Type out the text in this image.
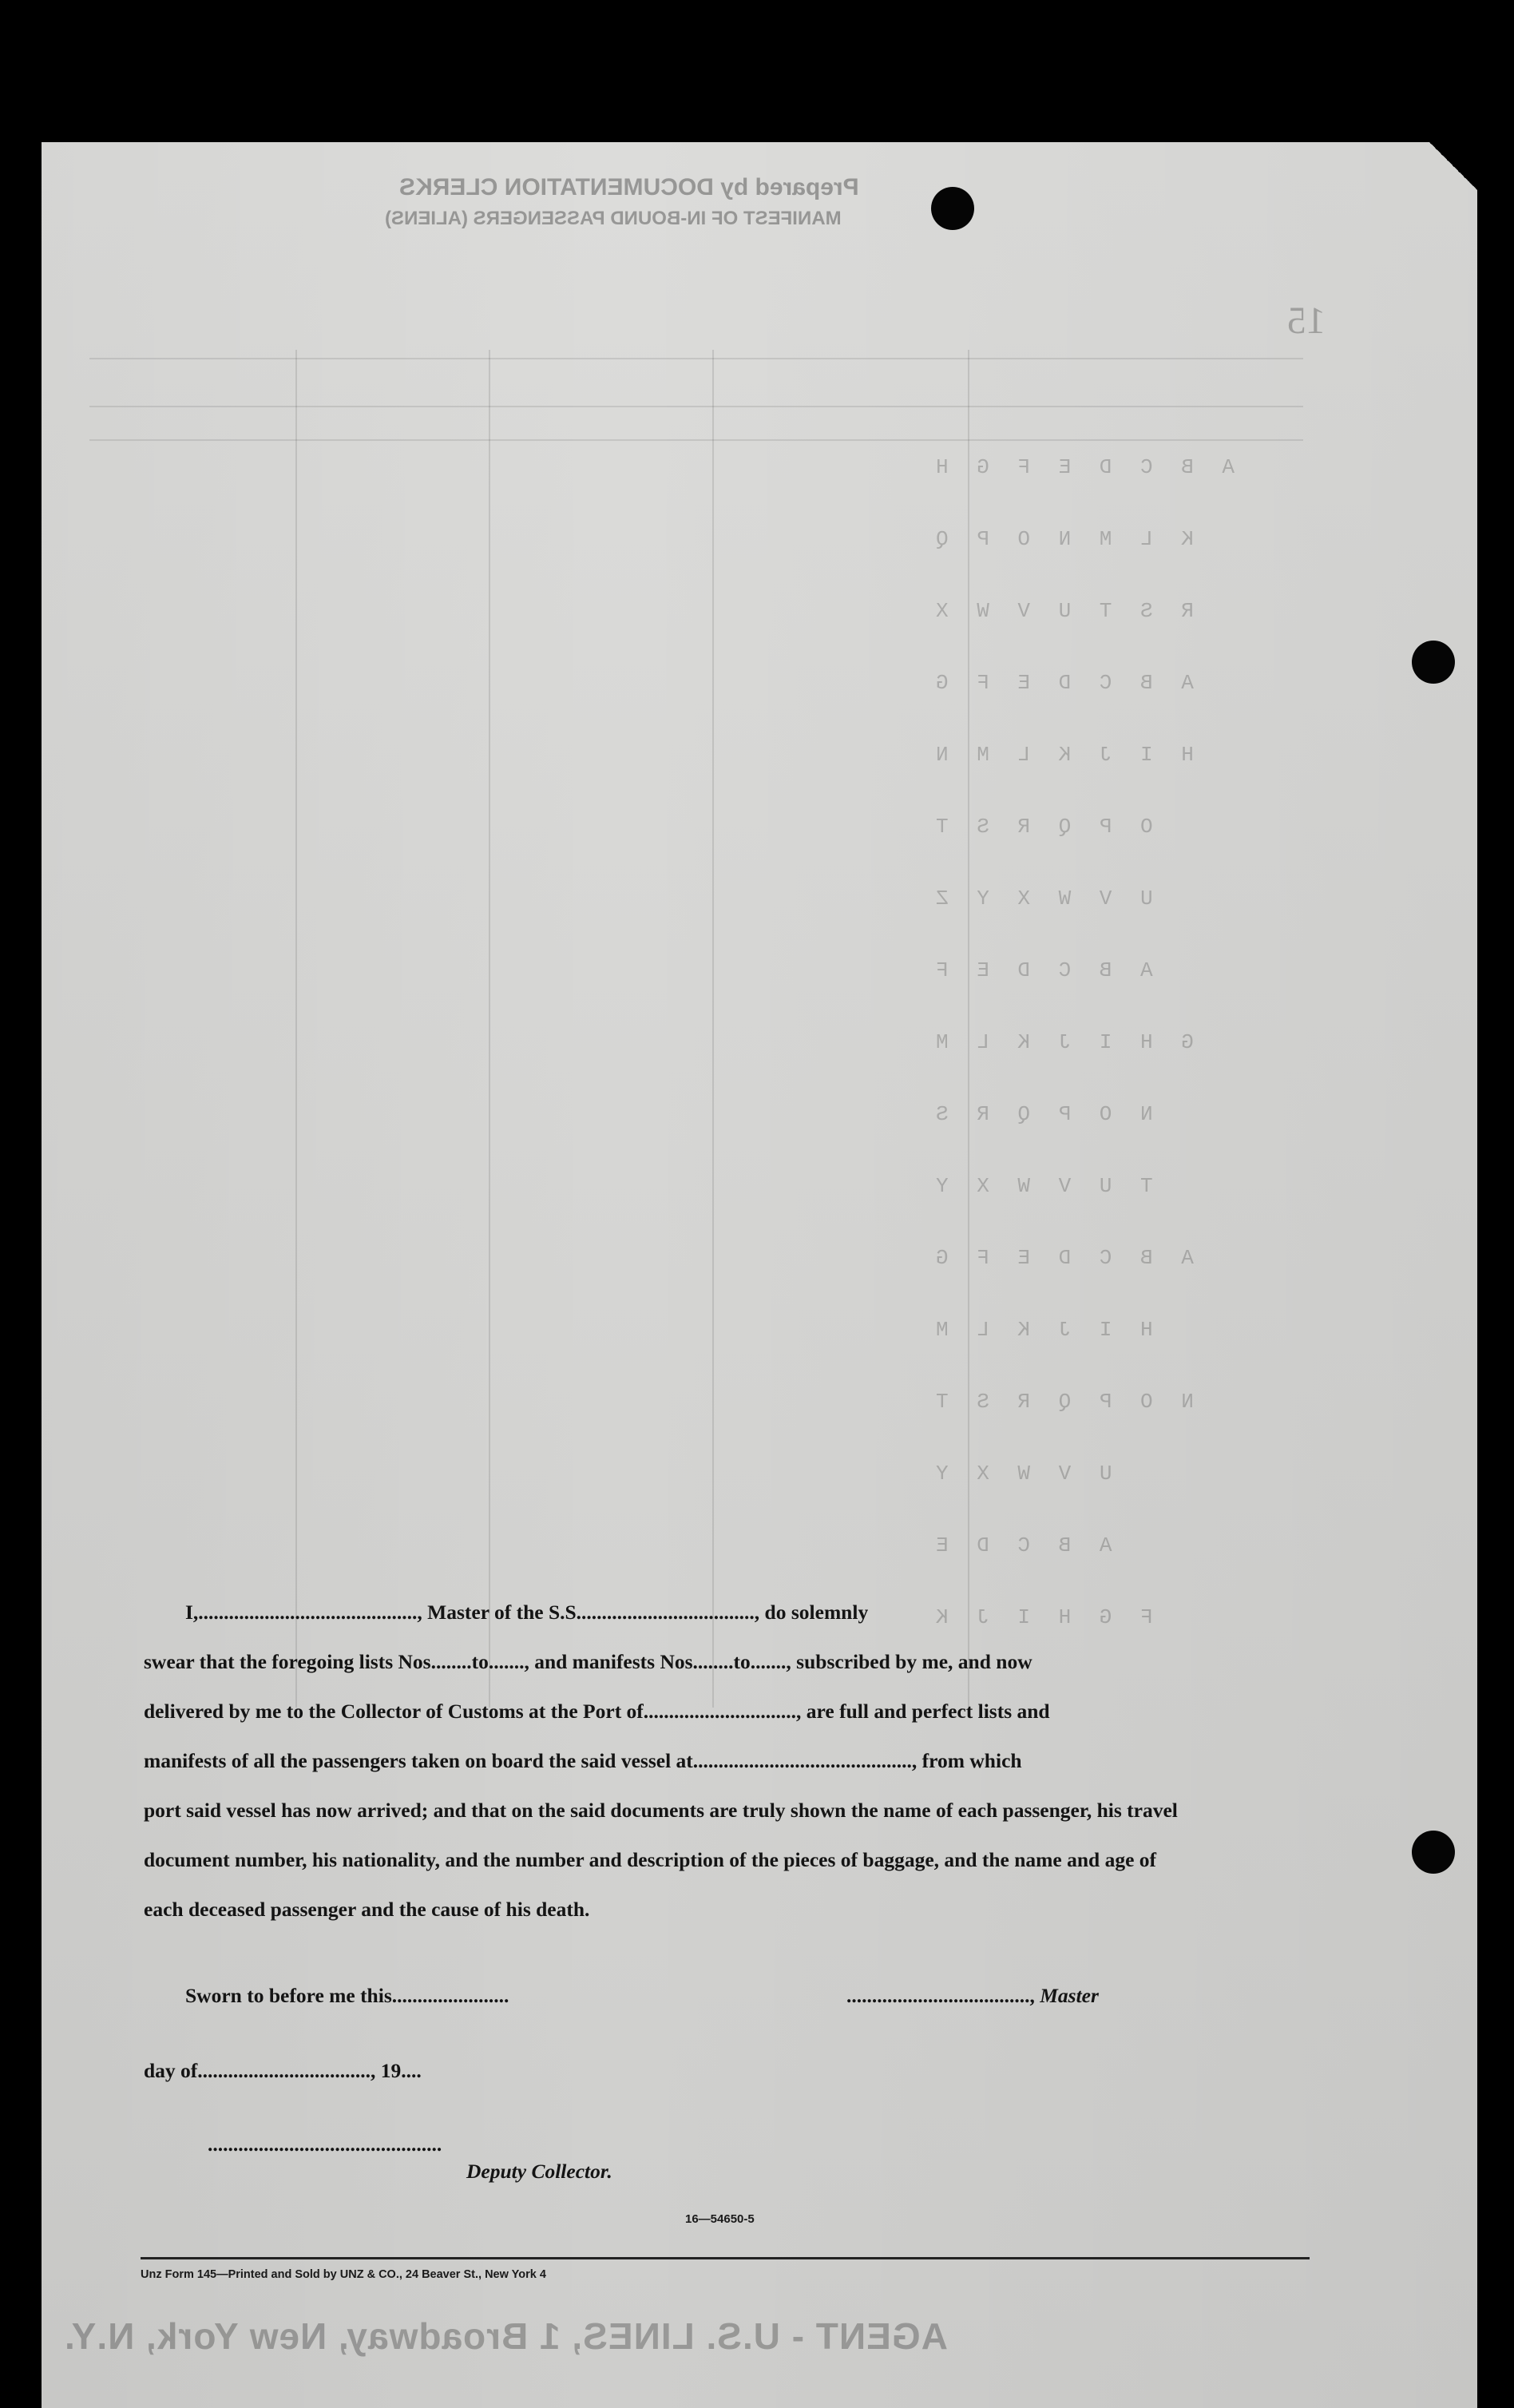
Prepared by DOCUMENTATION CLERKS
MANIFEST OF IN-BOUND PASSENGERS (ALIENS)
15
A B C D E F G H
K L M N O P Q
R S T U V W X
A B C D E F G
H I J K L M N
O P Q R S T
U V W X Y Z
A B C D E F
G H I J K L M
N O P Q R S
T U V W X Y
A B C D E F G
H I J K L M
N O P Q R S T
U V W X Y
A B C D E
F G H I J K
I,..........................................., Master of the S.S..................................., do solemnly
swear that the foregoing lists Nos........to......., and manifests Nos........to......., subscribed by me, and now
delivered by me to the Collector of Customs at the Port of.............................., are full and perfect lists and
manifests of all the passengers taken on board the said vessel at..........................................., from which
port said vessel has now arrived; and that on the said documents are truly shown the name of each passenger, his travel
document number, his nationality, and the number and description of the pieces of baggage, and the name and age of
each deceased passenger and the cause of his death.
Sworn to before me this.......................	...................................., Master
day of.................................., 19....
..............................................
Deputy Collector.
16—54650-5
Unz Form 145—Printed and Sold by UNZ & CO., 24 Beaver St., New York 4
AGENT - U.S. LINES, 1 Broadway, New York, N.Y.
